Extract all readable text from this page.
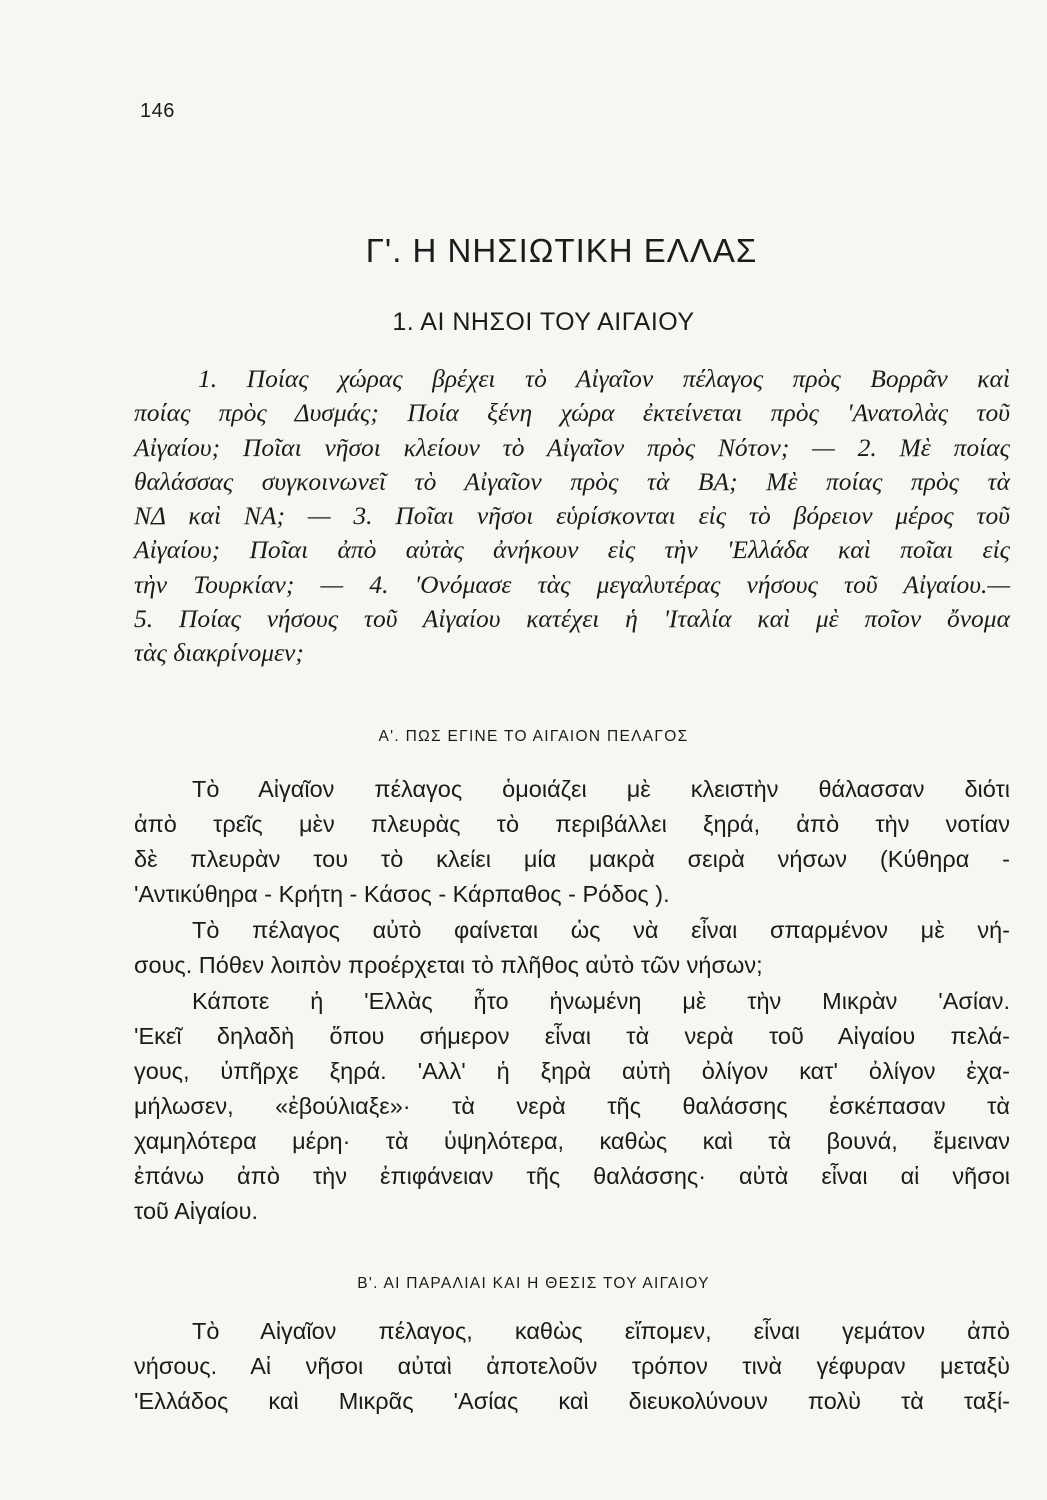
146
Γ'. Η ΝΗΣΙΩΤΙΚΗ ΕΛΛΑΣ
1. ΑΙ ΝΗΣΟΙ ΤΟΥ ΑΙΓΑΙΟΥ
1. Ποίας χώρας βρέχει τὸ Αἰγαῖον πέλαγος πρὸς Βορρᾶν καὶ
ποίας πρὸς Δυσμάς; Ποία ξένη χώρα ἐκτείνεται πρὸς 'Ανατολὰς τοῦ
Αἰγαίου; Ποῖαι νῆσοι κλείουν τὸ Αἰγαῖον πρὸς Νότον; — 2. Μὲ ποίας
θαλάσσας συγκοινωνεῖ τὸ Αἰγαῖον πρὸς τὰ ΒΑ; Μὲ ποίας πρὸς τὰ
ΝΔ καὶ ΝΑ; — 3. Ποῖαι νῆσοι εὑρίσκονται εἰς τὸ βόρειον μέρος τοῦ
Αἰγαίου; Ποῖαι ἀπὸ αὐτὰς ἀνήκουν εἰς τὴν 'Ελλάδα καὶ ποῖαι εἰς
τὴν Τουρκίαν; — 4. 'Ονόμασε τὰς μεγαλυτέρας νήσους τοῦ Αἰγαίου.—
5. Ποίας νήσους τοῦ Αἰγαίου κατέχει ἡ 'Ιταλία καὶ μὲ ποῖον ὄνομα
τὰς διακρίνομεν;
Α'. ΠΩΣ ΕΓΙΝΕ ΤΟ ΑΙΓΑΙΟΝ ΠΕΛΑΓΟΣ
Τὸ Αἰγαῖον πέλαγος ὁμοιάζει μὲ κλειστὴν θάλασσαν διότι
ἀπὸ τρεῖς μὲν πλευρὰς τὸ περιβάλλει ξηρά, ἀπὸ τὴν νοτίαν
δὲ πλευρὰν του τὸ κλείει μία μακρὰ σειρὰ νήσων (Κύθηρα -
'Αντικύθηρα - Κρήτη - Κάσος - Κάρπαθος - Ρόδος ).
Τὸ πέλαγος αὐτὸ φαίνεται ὡς νὰ εἶναι σπαρμένον μὲ νή-
σους. Πόθεν λοιπὸν προέρχεται τὸ πλῆθος αὐτὸ τῶν νήσων;
Κάποτε ἡ 'Ελλὰς ἦτο ἡνωμένη μὲ τὴν Μικρὰν 'Ασίαν.
'Εκεῖ δηλαδὴ ὅπου σήμερον εἶναι τὰ νερὰ τοῦ Αἰγαίου πελά-
γους, ὑπῆρχε ξηρά. 'Αλλ' ἡ ξηρὰ αὐτὴ ὀλίγον κατ' ὀλίγον ἐχα-
μήλωσεν, «ἐβούλιαξε»· τὰ νερὰ τῆς θαλάσσης ἐσκέπασαν τὰ
χαμηλότερα μέρη· τὰ ὑψηλότερα, καθὼς καὶ τὰ βουνά, ἔμειναν
ἐπάνω ἀπὸ τὴν ἐπιφάνειαν τῆς θαλάσσης· αὐτὰ εἶναι αἱ νῆσοι
τοῦ Αἰγαίου.
Β'. ΑΙ ΠΑΡΑΛΙΑΙ ΚΑΙ Η ΘΕΣΙΣ ΤΟΥ ΑΙΓΑΙΟΥ
Τὸ Αἰγαῖον πέλαγος, καθὼς εἴπομεν, εἶναι γεμάτον ἀπὸ
νήσους. Αἱ νῆσοι αὐταὶ ἀποτελοῦν τρόπον τινὰ γέφυραν μεταξὺ
'Ελλάδος καὶ Μικρᾶς 'Ασίας καὶ διευκολύνουν πολὺ τὰ ταξί-
